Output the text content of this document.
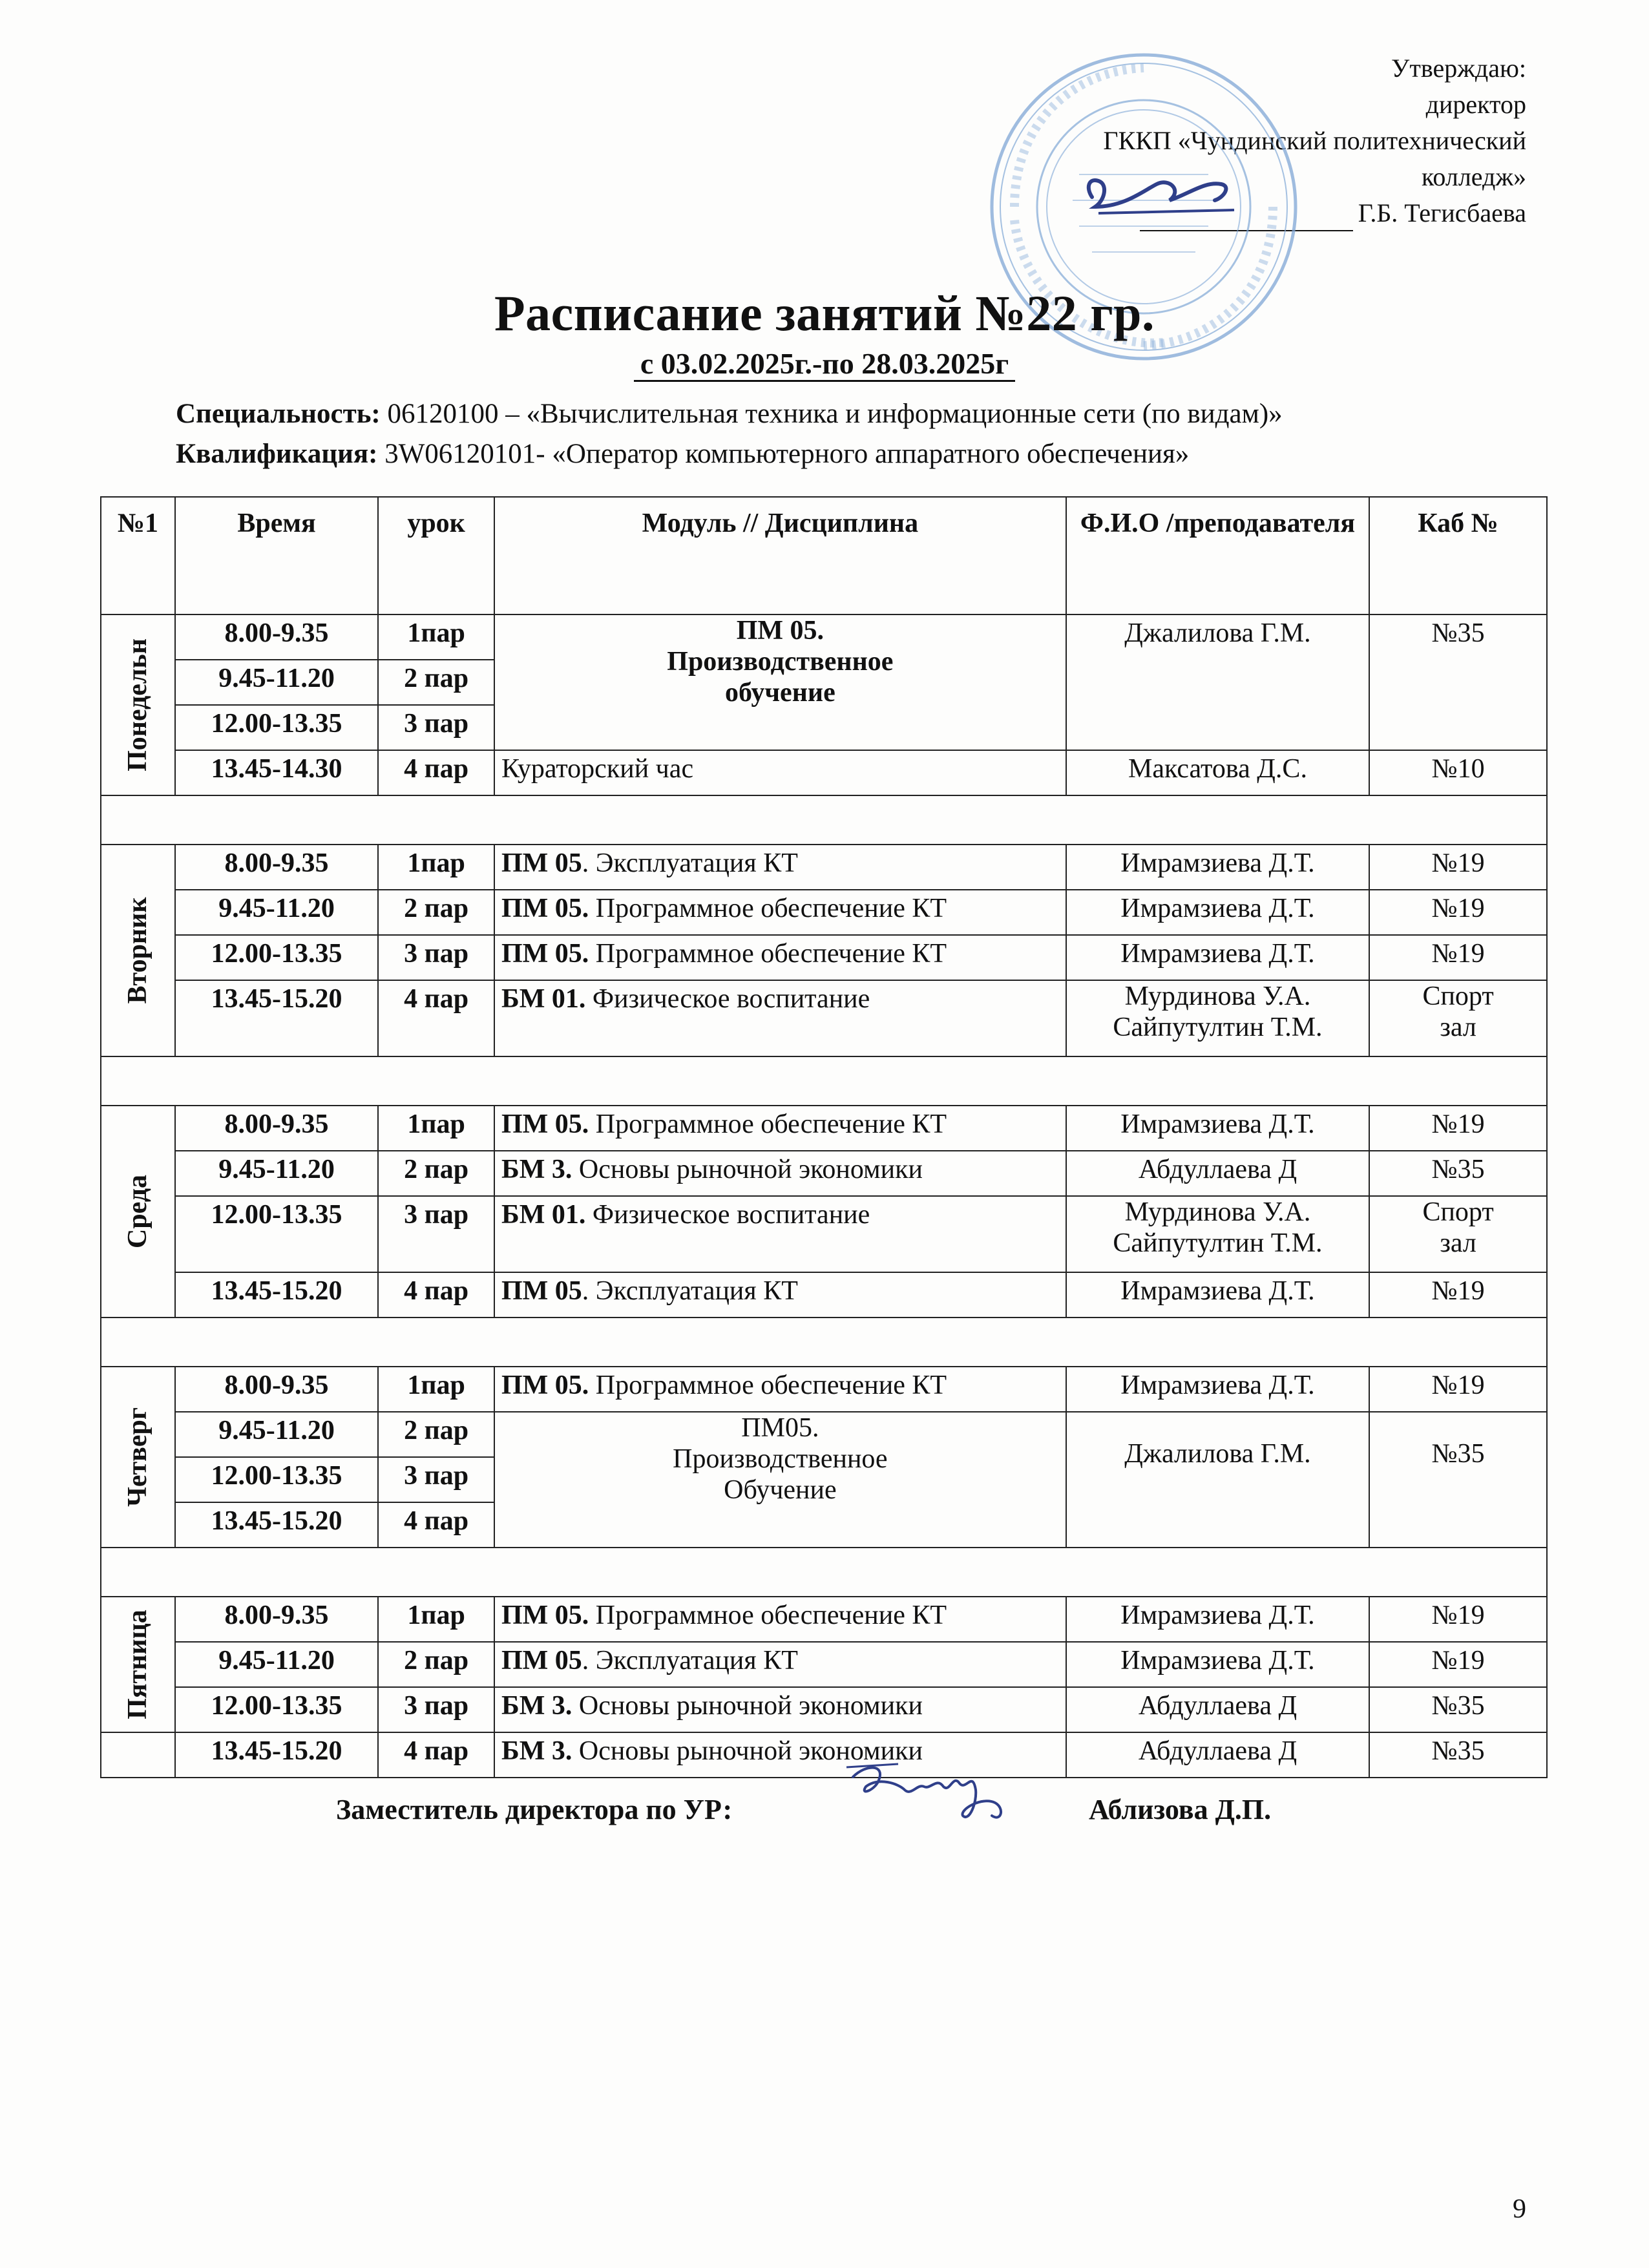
Утверждаю:
директор
ГККП «Чундинский политехнический
колледж»
Г.Б. Тегисбаева
Расписание занятий №22 гр.
с 03.02.2025г.-по 28.03.2025г
Специальность: 06120100 – «Вычислительная техника и информационные сети (по видам)»
Квалификация: 3W06120101- «Оператор компьютерного аппаратного обеспечения»
№1	Время	урок	Модуль // Дисциплина	Ф.И.О /преподавателя	Каб №

Понедельн	8.00-9.35	1пар	ПМ 05. Производственное обучение	Джалилова Г.М.	№35
	9.45-11.20	2 пар			
	12.00-13.35	3 пар			
	13.45-14.30	4 пар	Кураторский час	Максатова Д.С.	№10

Вторник	8.00-9.35	1пар	ПМ 05. Эксплуатация КТ	Имрамзиева Д.Т.	№19
	9.45-11.20	2 пар	ПМ 05. Программное обеспечение КТ	Имрамзиева Д.Т.	№19
	12.00-13.35	3 пар	ПМ 05. Программное обеспечение КТ	Имрамзиева Д.Т.	№19
	13.45-15.20	4 пар	БМ 01. Физическое воспитание	Мурдинова У.А. Сайпутултин Т.М.	Спорт зал

Среда	8.00-9.35	1пар	ПМ 05. Программное обеспечение КТ	Имрамзиева Д.Т.	№19
	9.45-11.20	2 пар	БМ 3. Основы рыночной экономики	Абдуллаева Д	№35
	12.00-13.35	3 пар	БМ 01. Физическое воспитание	Мурдинова У.А. Сайпутултин Т.М.	Спорт зал
	13.45-15.20	4 пар	ПМ 05. Эксплуатация КТ	Имрамзиева Д.Т.	№19

Четверг	8.00-9.35	1пар	ПМ 05. Программное обеспечение КТ	Имрамзиева Д.Т.	№19
	9.45-11.20	2 пар	ПМ05. Производственное Обучение	Джалилова Г.М.	№35
	12.00-13.35	3 пар			
	13.45-15.20	4 пар			

Пятница	8.00-9.35	1пар	ПМ 05. Программное обеспечение КТ	Имрамзиева Д.Т.	№19
	9.45-11.20	2 пар	ПМ 05. Эксплуатация КТ	Имрамзиева Д.Т.	№19
	12.00-13.35	3 пар	БМ 3. Основы рыночной экономики	Абдуллаева Д	№35
	13.45-15.20	4 пар	БМ 3. Основы рыночной экономики	Абдуллаева Д	№35
Заместитель директора по УР:	Аблизова Д.П.
9
